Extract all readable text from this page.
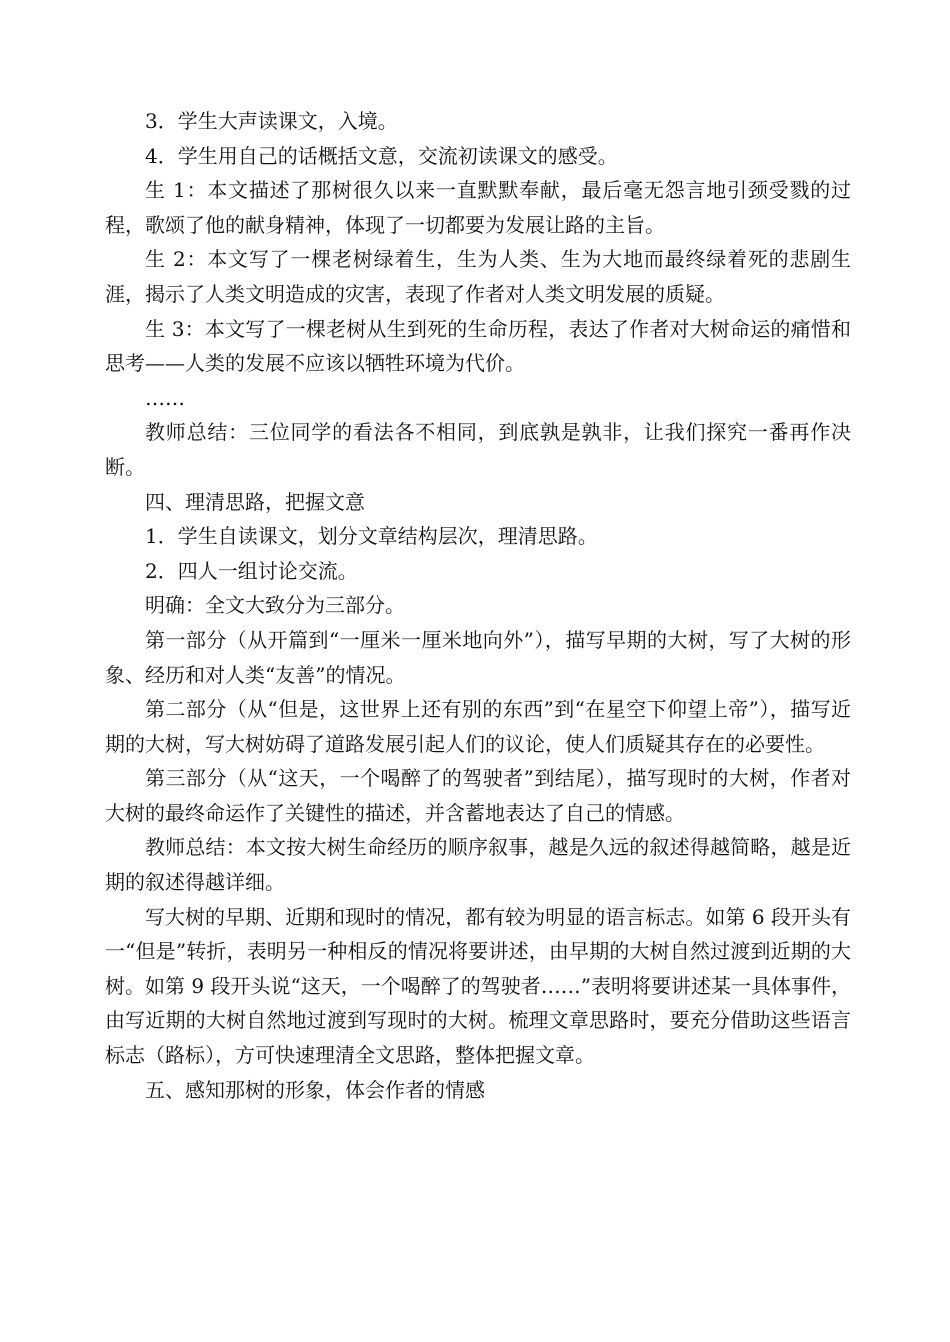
3．学生大声读课文，入境。

4．学生用自己的话概括文意，交流初读课文的感受。

生 1：本文描述了那树很久以来一直默默奉献，最后毫无怨言地引颈受戮的过程，歌颂了他的献身精神，体现了一切都要为发展让路的主旨。

生 2：本文写了一棵老树绿着生，生为人类、生为大地而最终绿着死的悲剧生涯，揭示了人类文明造成的灾害，表现了作者对人类文明发展的质疑。

生 3：本文写了一棵老树从生到死的生命历程，表达了作者对大树命运的痛惜和思考——人类的发展不应该以牺牲环境为代价。

……

教师总结：三位同学的看法各不相同，到底孰是孰非，让我们探究一番再作决断。

四、理清思路，把握文意

1．学生自读课文，划分文章结构层次，理清思路。

2．四人一组讨论交流。

明确：全文大致分为三部分。

第一部分（从开篇到“一厘米一厘米地向外”），描写早期的大树，写了大树的形象、经历和对人类“友善”的情况。

第二部分（从“但是，这世界上还有别的东西”到“在星空下仰望上帝”），描写近期的大树，写大树妨碍了道路发展引起人们的议论，使人们质疑其存在的必要性。

第三部分（从“这天，一个喝醉了的驾驶者”到结尾），描写现时的大树，作者对大树的最终命运作了关键性的描述，并含蓄地表达了自己的情感。

教师总结：本文按大树生命经历的顺序叙事，越是久远的叙述得越简略，越是近期的叙述得越详细。

写大树的早期、近期和现时的情况，都有较为明显的语言标志。如第 6 段开头有一“但是”转折，表明另一种相反的情况将要讲述，由早期的大树自然过渡到近期的大树。如第 9 段开头说“这天，一个喝醉了的驾驶者……”表明将要讲述某一具体事件，由写近期的大树自然地过渡到写现时的大树。梳理文章思路时，要充分借助这些语言标志（路标），方可快速理清全文思路，整体把握文章。

五、感知那树的形象，体会作者的情感
